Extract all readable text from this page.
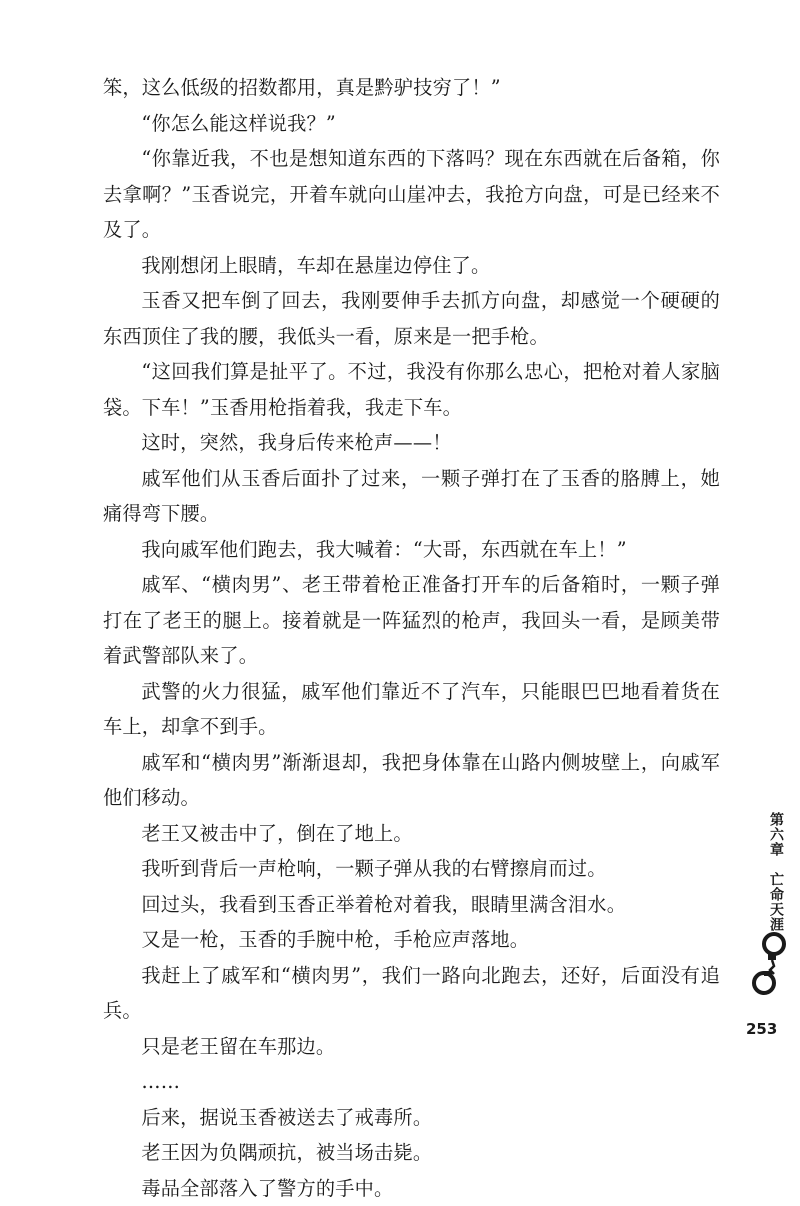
笨，这么低级的招数都用，真是黔驴技穷了！”

“你怎么能这样说我？”

“你靠近我，不也是想知道东西的下落吗？现在东西就在后备箱，你去拿啊？”玉香说完，开着车就向山崖冲去，我抢方向盘，可是已经来不及了。

我刚想闭上眼睛，车却在悬崖边停住了。

玉香又把车倒了回去，我刚要伸手去抓方向盘，却感觉一个硬硬的东西顶住了我的腰，我低头一看，原来是一把手枪。

“这回我们算是扯平了。不过，我没有你那么忠心，把枪对着人家脑袋。下车！”玉香用枪指着我，我走下车。

这时，突然，我身后传来枪声——！

戚军他们从玉香后面扑了过来，一颗子弹打在了玉香的胳膊上，她痛得弯下腰。

我向戚军他们跑去，我大喊着：“大哥，东西就在车上！”

戚军、“横肉男”、老王带着枪正准备打开车的后备箱时，一颗子弹打在了老王的腿上。接着就是一阵猛烈的枪声，我回头一看，是顾美带着武警部队来了。

武警的火力很猛，戚军他们靠近不了汽车，只能眼巴巴地看着货在车上，却拿不到手。

戚军和“横肉男”渐渐退却，我把身体靠在山路内侧坡壁上，向戚军他们移动。

老王又被击中了，倒在了地上。

我听到背后一声枪响，一颗子弹从我的右臂擦肩而过。

回过头，我看到玉香正举着枪对着我，眼睛里满含泪水。

又是一枪，玉香的手腕中枪，手枪应声落地。

我赶上了戚军和“横肉男”，我们一路向北跑去，还好，后面没有追兵。

只是老王留在车那边。

……

后来，据说玉香被送去了戒毒所。

老王因为负隅顽抗，被当场击毙。

毒品全部落入了警方的手中。

第六章　亡命天涯
253
